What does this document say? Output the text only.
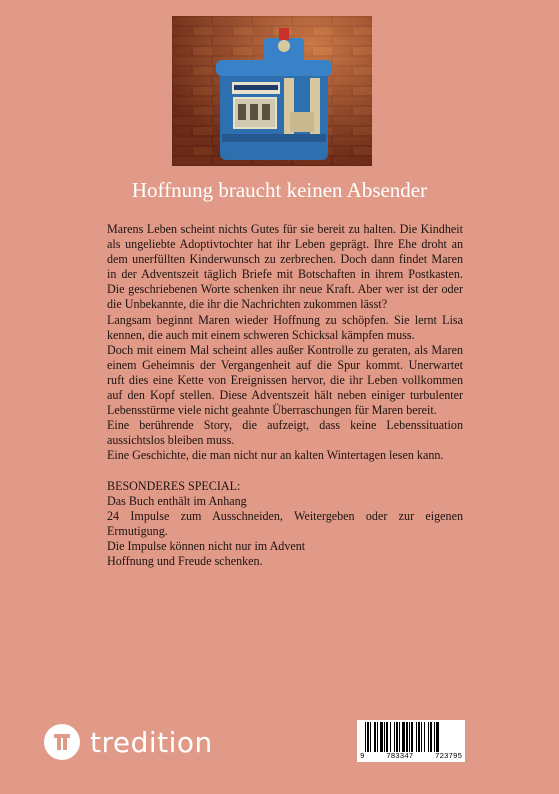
Hoffnung braucht keinen Absender

Marens Leben scheint nichts Gutes für sie bereit zu halten. Die Kindheit als ungeliebte Adoptivtochter hat ihr Leben geprägt. Ihre Ehe droht an dem unerfüllten Kinderwunsch zu zerbrechen. Doch dann findet Maren in der Adventszeit täglich Briefe mit Botschaften in ihrem Postkasten. Die geschriebenen Worte schenken ihr neue Kraft. Aber wer ist der oder die Unbekannte, die ihr die Nachrichten zukommen lässt?

Langsam beginnt Maren wieder Hoffnung zu schöpfen. Sie lernt Lisa kennen, die auch mit einem schweren Schicksal kämpfen muss.

Doch mit einem Mal scheint alles außer Kontrolle zu geraten, als Maren einem Geheimnis der Vergangenheit auf die Spur kommt. Unerwartet ruft dies eine Kette von Ereignissen hervor, die ihr Leben vollkommen auf den Kopf stellen. Diese Adventszeit hält neben einiger turbulenter Lebensstürme viele nicht geahnte Überraschungen für Maren bereit.

Eine berührende Story, die aufzeigt, dass keine Lebenssituation aussichtslos bleiben muss.

Eine Geschichte, die man nicht nur an kalten Wintertagen lesen kann.

BESONDERES SPECIAL:

Das Buch enthält im Anhang

24 Impulse zum Ausschneiden, Weitergeben oder zur eigenen Ermutigung.

Die Impulse können nicht nur im Advent

Hoffnung und Freude schenken.

tredition	9	783347	723795
